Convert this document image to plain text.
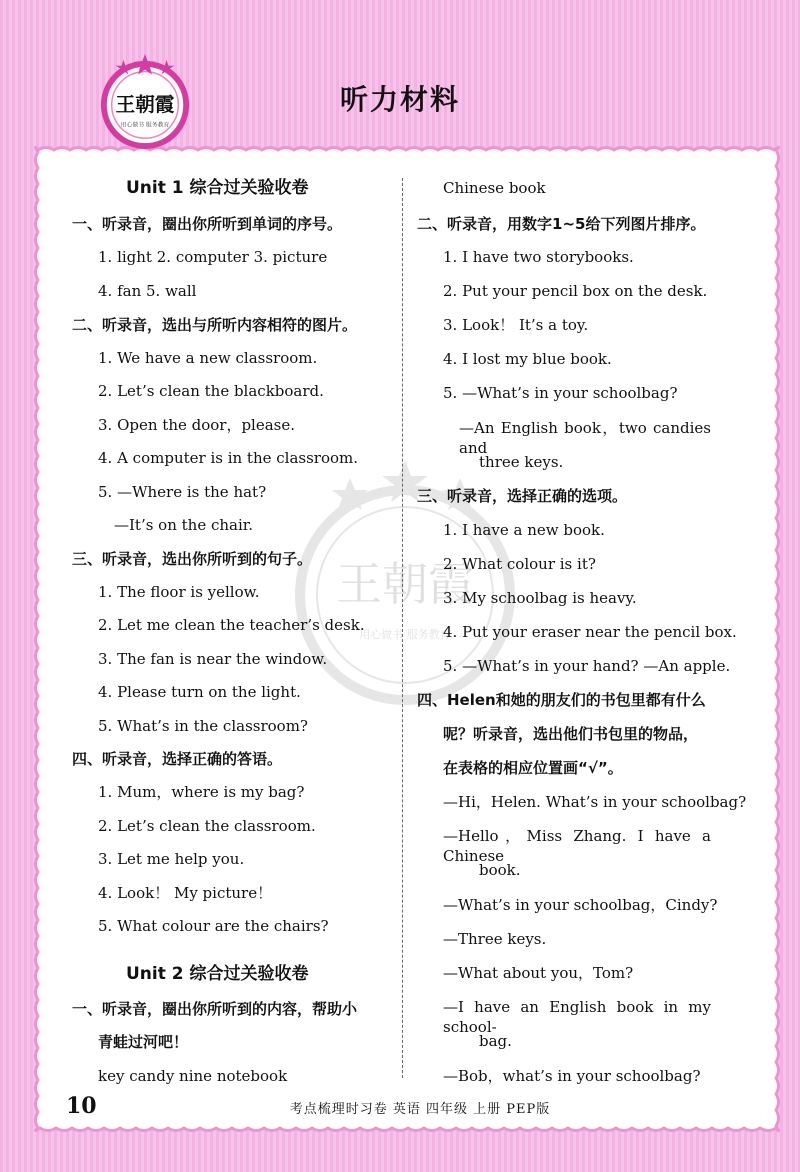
王朝霞
用心做书 服务教育
听力材料
王朝霞
用心做书 服务教育
Unit 1 综合过关验收卷
一、听录音，圈出你所听到单词的序号。
1. light 2. computer 3. picture
4. fan 5. wall
二、听录音，选出与所听内容相符的图片。
1. We have a new classroom.
2. Let’s clean the blackboard.
3. Open the door，please.
4. A computer is in the classroom.
5. —Where is the hat?
—It’s on the chair.
三、听录音，选出你所听到的句子。
1. The floor is yellow.
2. Let me clean the teacher’s desk.
3. The fan is near the window.
4. Please turn on the light.
5. What’s in the classroom?
四、听录音，选择正确的答语。
1. Mum，where is my bag?
2. Let’s clean the classroom.
3. Let me help you.
4. Look！ My picture！
5. What colour are the chairs?
Unit 2 综合过关验收卷
一、听录音，圈出你所听到的内容，帮助小
青蛙过河吧！
key candy nine notebook
Chinese book
二、听录音，用数字1~5给下列图片排序。
1. I have two storybooks.
2. Put your pencil box on the desk.
3. Look！ It’s a toy.
4. I lost my blue book.
5. —What’s in your schoolbag?
—An English book，two candies and
three keys.
三、听录音，选择正确的选项。
1. I have a new book.
2. What colour is it?
3. My schoolbag is heavy.
4. Put your eraser near the pencil box.
5. —What’s in your hand? —An apple.
四、Helen和她的朋友们的书包里都有什么
呢？听录音，选出他们书包里的物品，
在表格的相应位置画“√”。
—Hi，Helen. What’s in your schoolbag?
—Hello，Miss Zhang. I have a Chinese
book.
—What’s in your schoolbag，Cindy?
—Three keys.
—What about you，Tom?
—I have an English book in my school-
bag.
—Bob，what’s in your schoolbag?
10	考点梳理时习卷 英语 四年级 上册 PEP版
